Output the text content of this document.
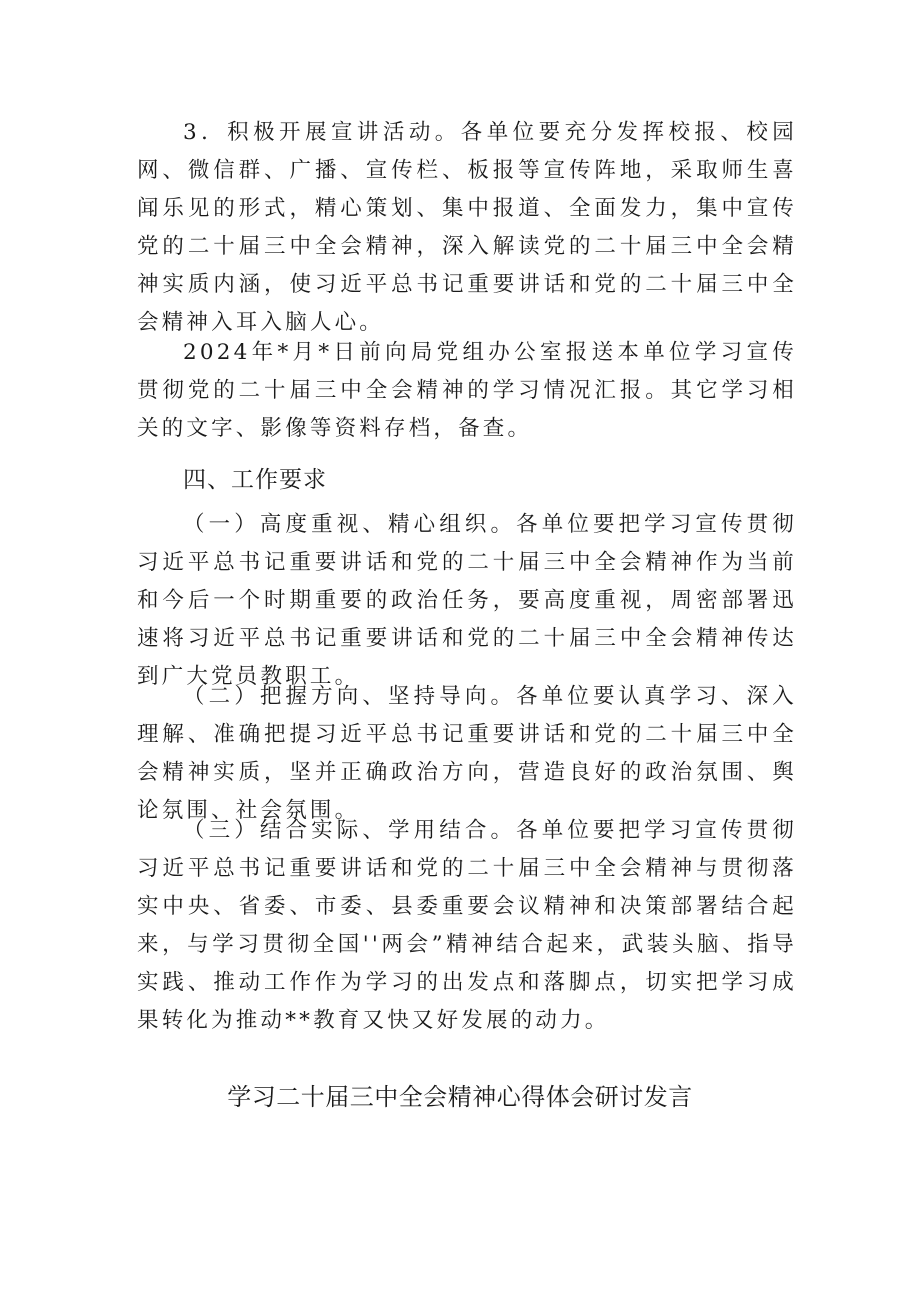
3．积极开展宣讲活动。各单位要充分发挥校报、校园网、微信群、广播、宣传栏、板报等宣传阵地，采取师生喜闻乐见的形式，精心策划、集中报道、全面发力，集中宣传党的二十届三中全会精神，深入解读党的二十届三中全会精神实质内涵，使习近平总书记重要讲话和党的二十届三中全会精神入耳入脑人心。

2024年*月*日前向局党组办公室报送本单位学习宣传贯彻党的二十届三中全会精神的学习情况汇报。其它学习相关的文字、影像等资料存档，备查。

四、工作要求

（一）高度重视、精心组织。各单位要把学习宣传贯彻习近平总书记重要讲话和党的二十届三中全会精神作为当前和今后一个时期重要的政治任务，要高度重视，周密部署迅速将习近平总书记重要讲话和党的二十届三中全会精神传达到广大党员教职工。

（二）把握方向、坚持导向。各单位要认真学习、深入理解、准确把提习近平总书记重要讲话和党的二十届三中全会精神实质，坚并正确政治方向，营造良好的政治氛围、舆论氛围、社会氛围。

（三）结合实际、学用结合。各单位要把学习宣传贯彻习近平总书记重要讲话和党的二十届三中全会精神与贯彻落实中央、省委、市委、县委重要会议精神和决策部署结合起来，与学习贯彻全国''两会”精神结合起来，武装头脑、指导实践、推动工作作为学习的出发点和落脚点，切实把学习成果转化为推动**教育又快又好发展的动力。

学习二十届三中全会精神心得体会研讨发言
